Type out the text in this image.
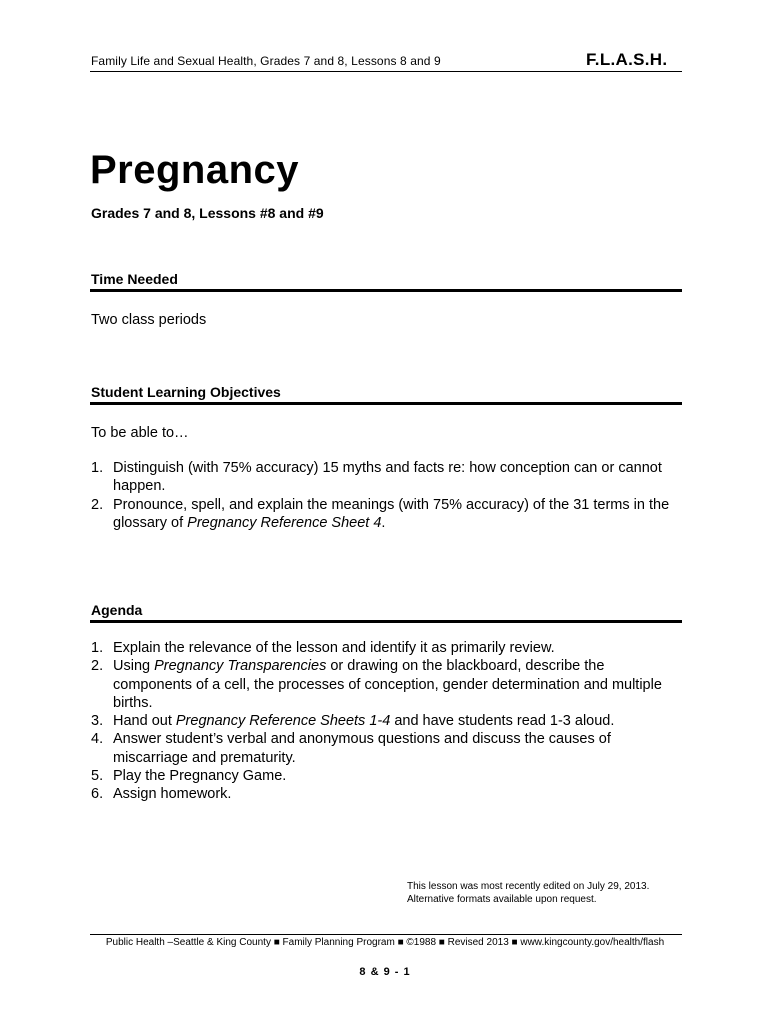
Family Life and Sexual Health, Grades 7 and 8, Lessons 8 and 9	F.L.A.S.H.
Pregnancy
Grades 7 and 8, Lessons #8 and #9
Time Needed
Two class periods
Student Learning Objectives
To be able to…
1. Distinguish (with 75% accuracy) 15 myths and facts re: how conception can or cannot happen.
2. Pronounce, spell, and explain the meanings (with 75% accuracy) of the 31 terms in the glossary of Pregnancy Reference Sheet 4.
Agenda
1. Explain the relevance of the lesson and identify it as primarily review.
2. Using Pregnancy Transparencies or drawing on the blackboard, describe the components of a cell, the processes of conception, gender determination and multiple births.
3. Hand out Pregnancy Reference Sheets 1-4 and have students read 1-3 aloud.
4. Answer student’s verbal and anonymous questions and discuss the causes of miscarriage and prematurity.
5. Play the Pregnancy Game.
6. Assign homework.
This lesson was most recently edited on July 29, 2013.
Alternative formats available upon request.
Public Health –Seattle & King County ■ Family Planning Program ■ ©1988 ■ Revised 2013 ■ www.kingcounty.gov/health/flash
8 & 9 - 1
